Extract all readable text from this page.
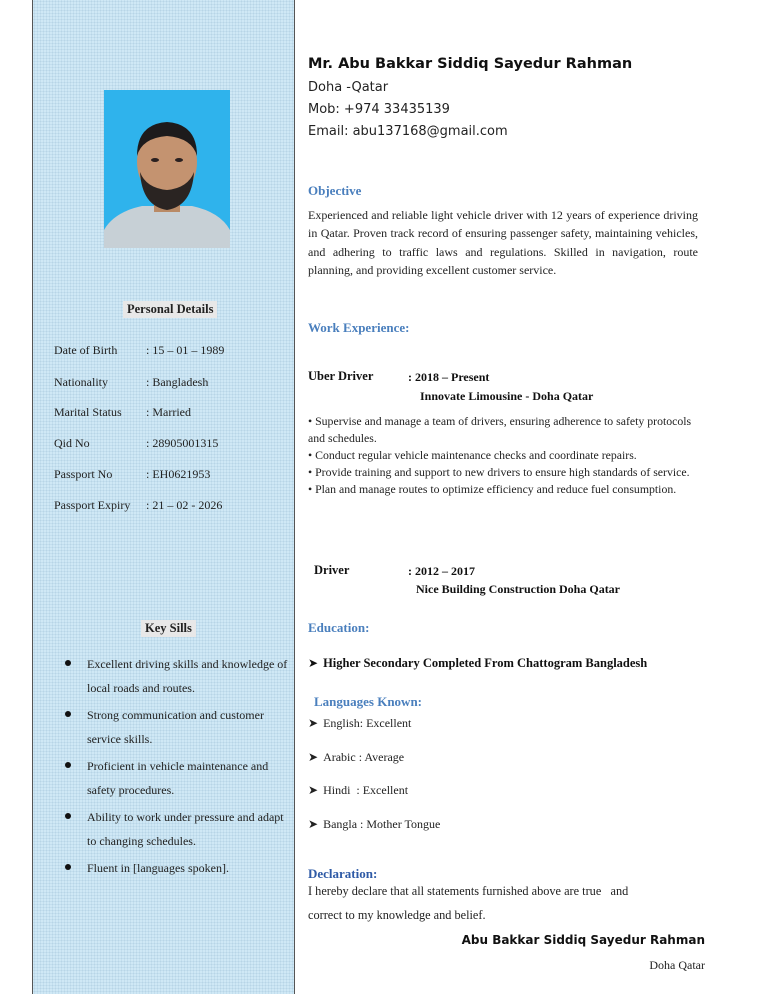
Personal Details
Date of Birth : 15 – 01 – 1989
Nationality	: Bangladesh
Marital Status : Married
Qid No	: 28905001315
Passport No	: EH0621953
Passport Expiry : 21 – 02 - 2026
Key Sills
Excellent driving skills and knowledge of local roads and routes.
Strong communication and customer service skills.
Proficient in vehicle maintenance and safety procedures.
Ability to work under pressure and adapt to changing schedules.
Fluent in [languages spoken].
Mr. Abu Bakkar Siddiq Sayedur Rahman
Doha -Qatar
Mob: +974 33435139
Email: abu137168@gmail.com
Objective
Experienced and reliable light vehicle driver with 12 years of experience driving in Qatar. Proven track record of ensuring passenger safety, maintaining vehicles, and adhering to traffic laws and regulations. Skilled in navigation, route planning, and providing excellent customer service.
Work Experience:
Uber Driver	: 2018 – Present
Innovate Limousine - Doha Qatar
• Supervise and manage a team of drivers, ensuring adherence to safety protocols and schedules.
• Conduct regular vehicle maintenance checks and coordinate repairs.
• Provide training and support to new drivers to ensure high standards of service.
• Plan and manage routes to optimize efficiency and reduce fuel consumption.
Driver	: 2012 – 2017
Nice Building Construction Doha Qatar
Education:
➤ Higher Secondary Completed From Chattogram Bangladesh
Languages Known:
➤ English: Excellent
➤ Arabic : Average
➤ Hindi  : Excellent
➤ Bangla : Mother Tongue
Declaration:
I hereby declare that all statements furnished above are true   and
correct to my knowledge and belief.
Abu Bakkar Siddiq Sayedur Rahman
Doha Qatar
